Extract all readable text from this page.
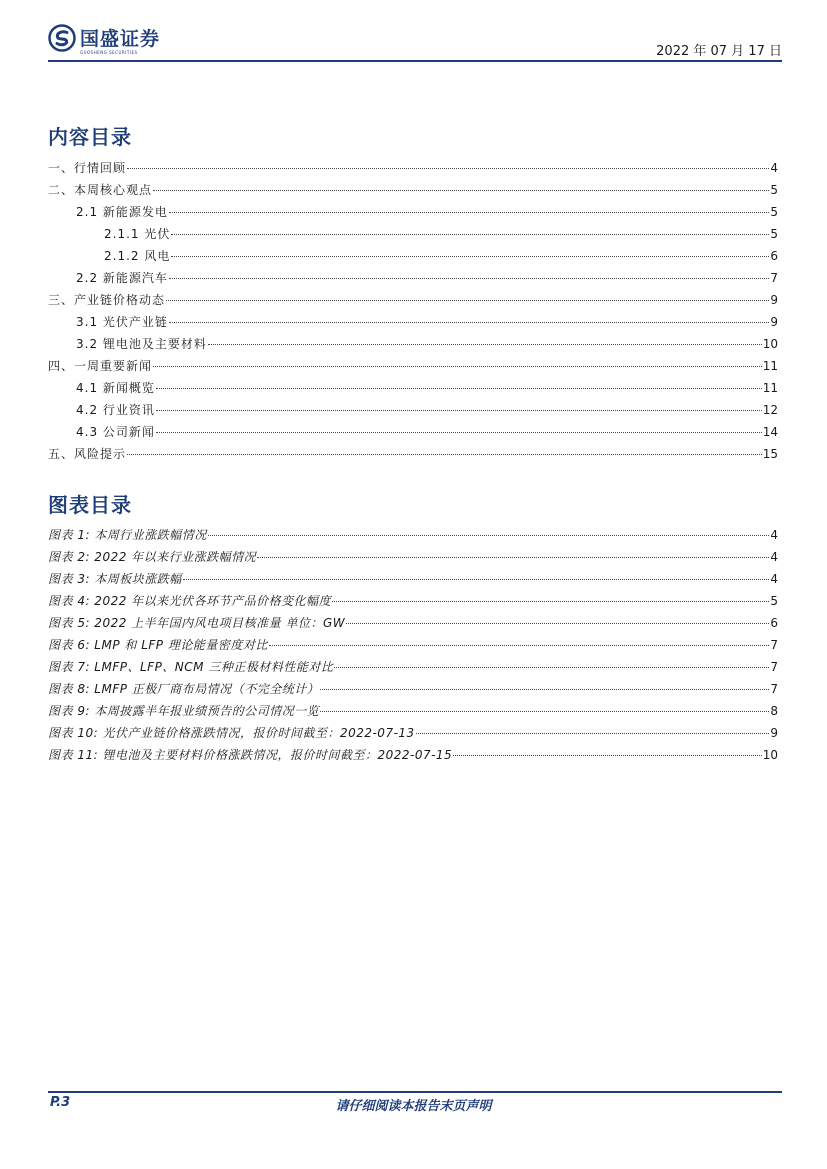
国盛证券
GUOSHENG SECURITIES	2022 年 07 月 17 日
内容目录
一、行情回顾	4
二、本周核心观点	5
2.1 新能源发电	5
2.1.1 光伏	5
2.1.2 风电	6
2.2 新能源汽车	7
三、产业链价格动态	9
3.1 光伏产业链	9
3.2 锂电池及主要材料	10
四、一周重要新闻	11
4.1 新闻概览	11
4.2 行业资讯	12
4.3 公司新闻	14
五、风险提示	15
图表目录
图表 1: 本周行业涨跌幅情况	4
图表 2: 2022 年以来行业涨跌幅情况	4
图表 3: 本周板块涨跌幅	4
图表 4: 2022 年以来光伏各环节产品价格变化幅度	5
图表 5: 2022 上半年国内风电项目核准量 单位：GW	6
图表 6: LMP 和 LFP 理论能量密度对比	7
图表 7: LMFP、LFP、NCM 三种正极材料性能对比	7
图表 8: LMFP 正极厂商布局情况（不完全统计）	7
图表 9: 本周披露半年报业绩预告的公司情况一览	8
图表 10: 光伏产业链价格涨跌情况，报价时间截至：2022-07-13	9
图表 11: 锂电池及主要材料价格涨跌情况，报价时间截至：2022-07-15	10
P.3	请仔细阅读本报告末页声明
